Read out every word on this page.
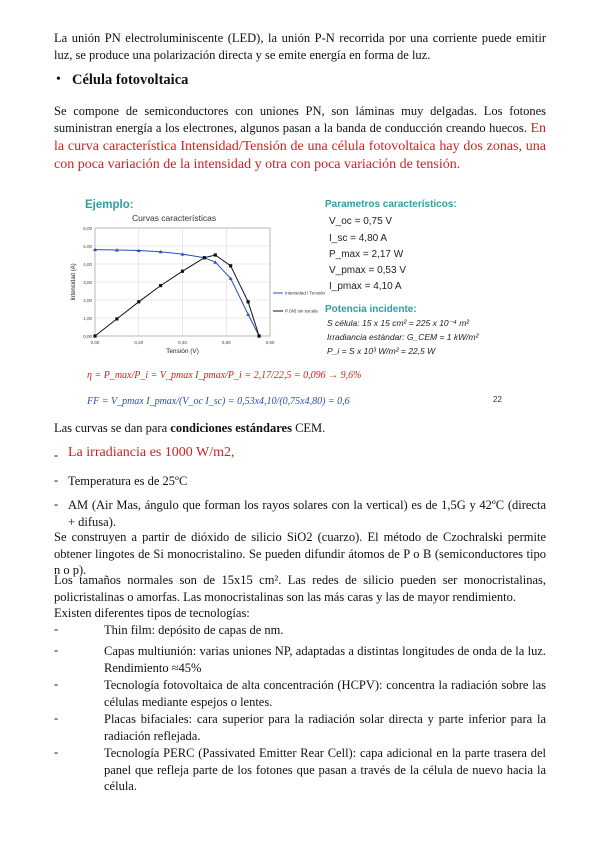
La unión PN electroluminiscente (LED), la unión P-N recorrida por una corriente puede emitir luz, se produce una polarización directa y se emite energía en forma de luz.

• Célula fotovoltaica

Se compone de semiconductores con uniones PN, son láminas muy delgadas. Los fotones suministran energía a los electrones, algunos pasan a la banda de conducción creando huecos. En la curva característica Intensidad/Tensión de una célula fotovoltaica hay dos zonas, una con poca variación de la intensidad y otra con poca variación de tensión.

Ejemplo:
Curvas características
0,00
1,00
2,00
3,00
4,00
5,00
6,00
0,00	0,20	0,40	0,60	0,80
Tensión (V)
Intensidad (A)	Intensidad / Tensión
P (W) sin escala
Parametros característicos:
V_oc = 0,75 V
I_sc = 4,80 A
P_max = 2,17 W
V_pmax = 0,53 V
I_pmax = 4,10 A
Potencia incidente:
S célula: 15 x 15 cm² = 225 x 10⁻⁴ m²
Irradiancia estándar: G_CEM = 1 kW/m²
P_i = S x 10³ W/m² = 22,5 W
η = P_max/P_i = V_pmax I_pmax/P_i = 2,17/22,5 = 0,096 → 9,6%
FF = V_pmax I_pmax/(V_oc I_sc) = 0,53x4,10/(0,75x4,80) = 0,6	22

Las curvas se dan para condiciones estándares CEM.

- La irradiancia es 1000 W/m2,
- Temperatura es de 25ºC
- AM (Air Mas, ángulo que forman los rayos solares con la vertical) es de 1,5G y 42ºC (directa + difusa).

Se construyen a partir de dióxido de silicio SiO2 (cuarzo). El método de Czochralski permite obtener lingotes de Si monocristalino. Se pueden difundir átomos de P o B (semiconductores tipo n o p).

Los tamaños normales son de 15x15 cm². Las redes de silicio pueden ser monocristalinas, policristalinas o amorfas. Las monocristalinas son las más caras y las de mayor rendimiento.

Existen diferentes tipos de tecnologías:

-	Thin film: depósito de capas de nm.
-	Capas multiunión: varias uniones NP, adaptadas a distintas longitudes de onda de la luz. Rendimiento ≈45%
-	Tecnología fotovoltaica de alta concentración (HCPV): concentra la radiación sobre las células mediante espejos o lentes.
-	Placas bifaciales: cara superior para la radiación solar directa y parte inferior para la radiación reflejada.
-	Tecnología PERC (Passivated Emitter Rear Cell): capa adicional en la parte trasera del panel que refleja parte de los fotones que pasan a través de la célula de nuevo hacia la célula.
